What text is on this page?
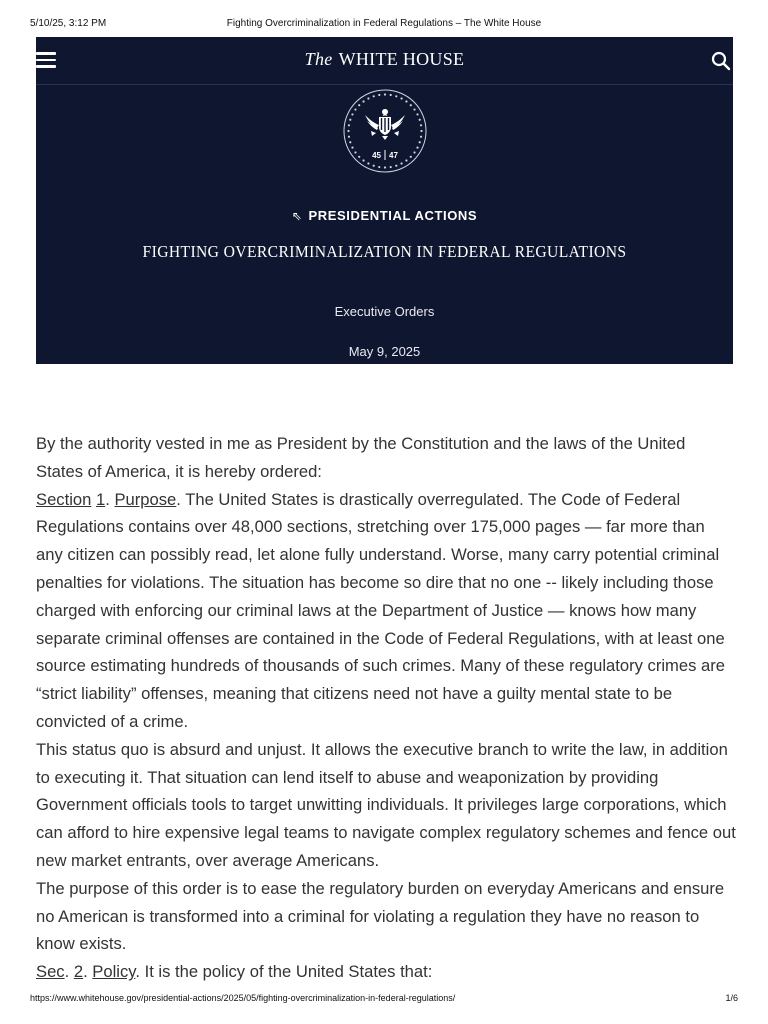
5/10/25, 3:12 PM	Fighting Overcriminalization in Federal Regulations – The White House
The WHITE HOUSE
45 47
⇖ PRESIDENTIAL ACTIONS
FIGHTING OVERCRIMINALIZATION IN FEDERAL REGULATIONS
Executive Orders
May 9, 2025

By the authority vested in me as President by the Constitution and the laws of the United States of America, it is hereby ordered:

Section 1. Purpose. The United States is drastically overregulated. The Code of Federal Regulations contains over 48,000 sections, stretching over 175,000 pages — far more than any citizen can possibly read, let alone fully understand. Worse, many carry potential criminal penalties for violations. The situation has become so dire that no one -- likely including those charged with enforcing our criminal laws at the Department of Justice — knows how many separate criminal offenses are contained in the Code of Federal Regulations, with at least one source estimating hundreds of thousands of such crimes. Many of these regulatory crimes are “strict liability” offenses, meaning that citizens need not have a guilty mental state to be convicted of a crime.

This status quo is absurd and unjust. It allows the executive branch to write the law, in addition to executing it. That situation can lend itself to abuse and weaponization by providing Government officials tools to target unwitting individuals. It privileges large corporations, which can afford to hire expensive legal teams to navigate complex regulatory schemes and fence out new market entrants, over average Americans.

The purpose of this order is to ease the regulatory burden on everyday Americans and ensure no American is transformed into a criminal for violating a regulation they have no reason to know exists.

Sec. 2. Policy. It is the policy of the United States that:

https://www.whitehouse.gov/presidential-actions/2025/05/fighting-overcriminalization-in-federal-regulations/	1/6
